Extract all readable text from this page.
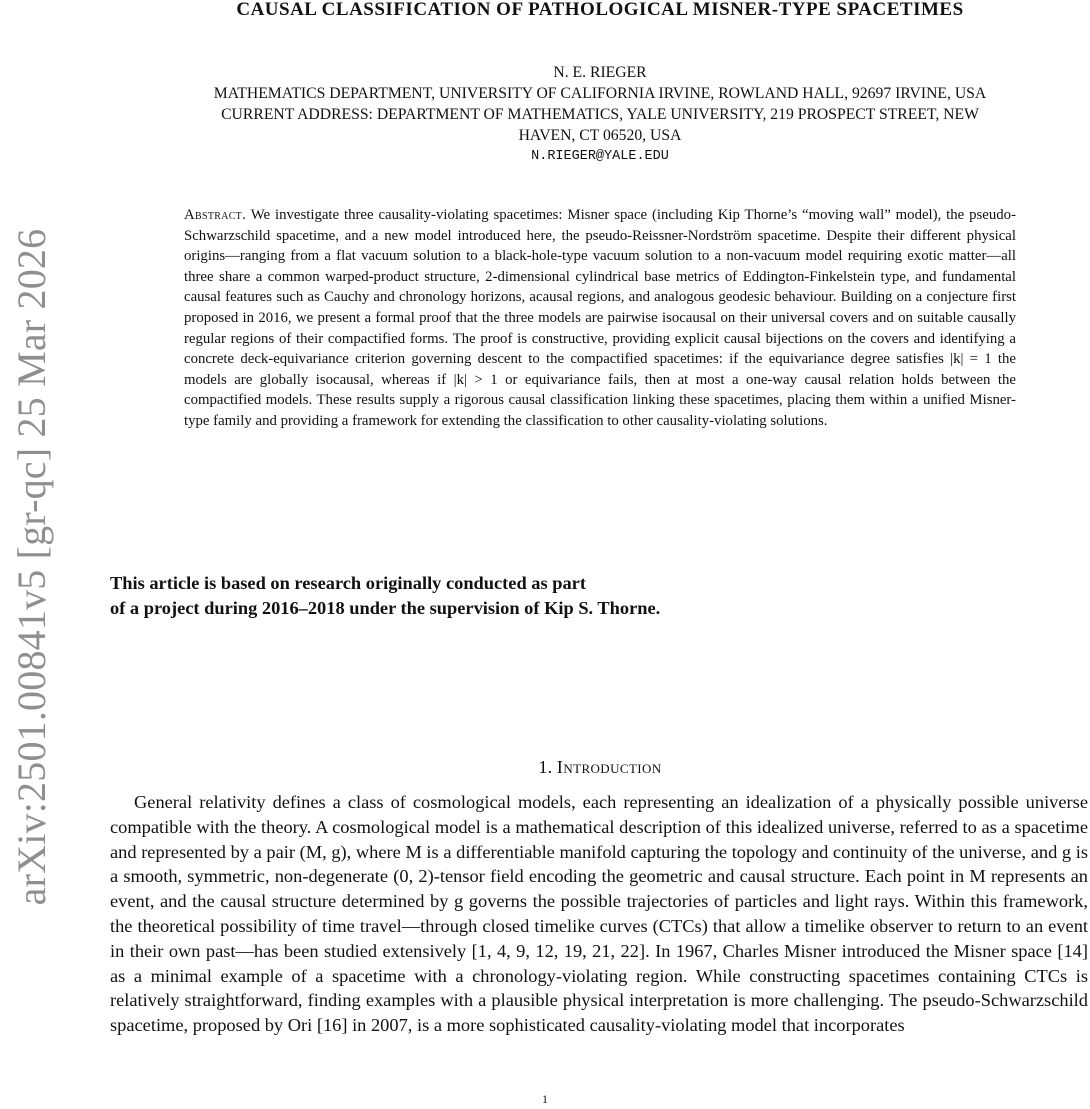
arXiv:2501.00841v5 [gr-qc] 25 Mar 2026
CAUSAL CLASSIFICATION OF PATHOLOGICAL MISNER-TYPE SPACETIMES
N. E. RIEGER
MATHEMATICS DEPARTMENT, UNIVERSITY OF CALIFORNIA IRVINE, ROWLAND HALL, 92697 IRVINE, USA
CURRENT ADDRESS: DEPARTMENT OF MATHEMATICS, YALE UNIVERSITY, 219 PROSPECT STREET, NEW
HAVEN, CT 06520, USA
N.RIEGER@YALE.EDU
Abstract. We investigate three causality-violating spacetimes: Misner space (including Kip Thorne’s “moving wall” model), the pseudo-Schwarzschild spacetime, and a new model introduced here, the pseudo-Reissner-Nordström spacetime. Despite their different physical origins—ranging from a flat vacuum solution to a black-hole-type vacuum solution to a non-vacuum model requiring exotic matter—all three share a common warped-product structure, 2-dimensional cylindrical base metrics of Eddington-Finkelstein type, and fundamental causal features such as Cauchy and chronology horizons, acausal regions, and analogous geodesic behaviour. Building on a conjecture first proposed in 2016, we present a formal proof that the three models are pairwise isocausal on their universal covers and on suitable causally regular regions of their compactified forms. The proof is constructive, providing explicit causal bijections on the covers and identifying a concrete deck-equivariance criterion governing descent to the compactified spacetimes: if the equivariance degree satisfies |k| = 1 the models are globally isocausal, whereas if |k| > 1 or equivariance fails, then at most a one-way causal relation holds between the compactified models. These results supply a rigorous causal classification linking these spacetimes, placing them within a unified Misner-type family and providing a framework for extending the classification to other causality-violating solutions.
This article is based on research originally conducted as part
of a project during 2016–2018 under the supervision of Kip S. Thorne.
1. Introduction

General relativity defines a class of cosmological models, each representing an idealization of a physically possible universe compatible with the theory. A cosmological model is a mathematical description of this idealized universe, referred to as a spacetime and represented by a pair (M, g), where M is a differentiable manifold capturing the topology and continuity of the universe, and g is a smooth, symmetric, non-degenerate (0, 2)-tensor field encoding the geometric and causal structure. Each point in M represents an event, and the causal structure determined by g governs the possible trajectories of particles and light rays. Within this framework, the theoretical possibility of time travel—through closed timelike curves (CTCs) that allow a timelike observer to return to an event in their own past—has been studied extensively [1, 4, 9, 12, 19, 21, 22]. In 1967, Charles Misner introduced the Misner space [14] as a minimal example of a spacetime with a chronology-violating region. While constructing spacetimes containing CTCs is relatively straightforward, finding examples with a plausible physical interpretation is more challenging. The pseudo-Schwarzschild spacetime, proposed by Ori [16] in 2007, is a more sophisticated causality-violating model that incorporates

1
